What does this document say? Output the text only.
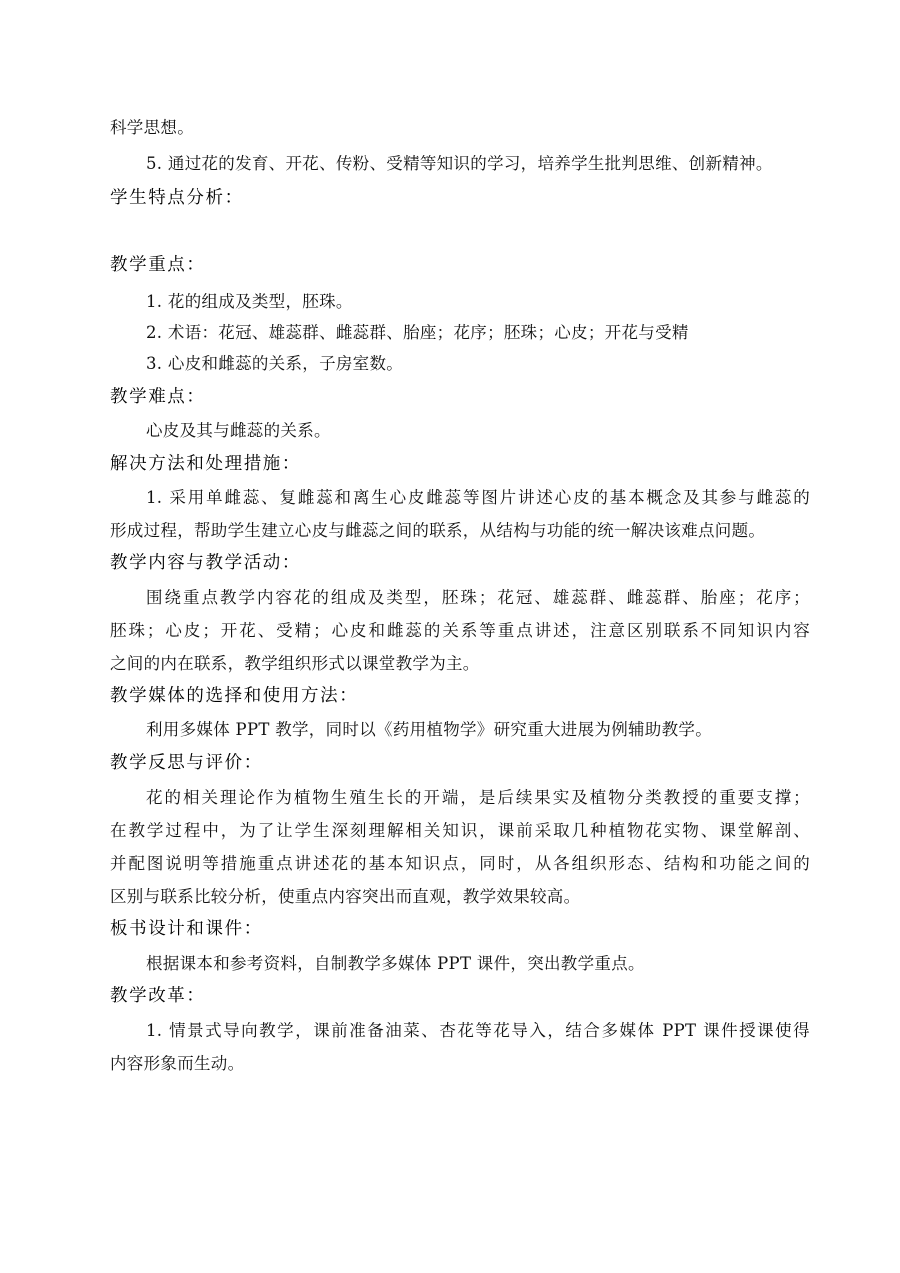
科学思想。
5. 通过花的发育、开花、传粉、受精等知识的学习，培养学生批判思维、创新精神。
学生特点分析：
教学重点：
1. 花的组成及类型，胚珠。
2. 术语：花冠、雄蕊群、雌蕊群、胎座；花序；胚珠；心皮；开花与受精
3. 心皮和雌蕊的关系，子房室数。
教学难点：
心皮及其与雌蕊的关系。
解决方法和处理措施：
1. 采用单雌蕊、复雌蕊和离生心皮雌蕊等图片讲述心皮的基本概念及其参与雌蕊的
形成过程，帮助学生建立心皮与雌蕊之间的联系，从结构与功能的统一解决该难点问题。
教学内容与教学活动：
围绕重点教学内容花的组成及类型，胚珠；花冠、雄蕊群、雌蕊群、胎座；花序；
胚珠；心皮；开花、受精；心皮和雌蕊的关系等重点讲述，注意区别联系不同知识内容
之间的内在联系，教学组织形式以课堂教学为主。
教学媒体的选择和使用方法：
利用多媒体 PPT 教学，同时以《药用植物学》研究重大进展为例辅助教学。
教学反思与评价：
花的相关理论作为植物生殖生长的开端，是后续果实及植物分类教授的重要支撑；
在教学过程中，为了让学生深刻理解相关知识，课前采取几种植物花实物、课堂解剖、
并配图说明等措施重点讲述花的基本知识点，同时，从各组织形态、结构和功能之间的
区别与联系比较分析，使重点内容突出而直观，教学效果较高。
板书设计和课件：
根据课本和参考资料，自制教学多媒体 PPT 课件，突出教学重点。
教学改革：
1. 情景式导向教学，课前准备油菜、杏花等花导入，结合多媒体 PPT 课件授课使得
内容形象而生动。
